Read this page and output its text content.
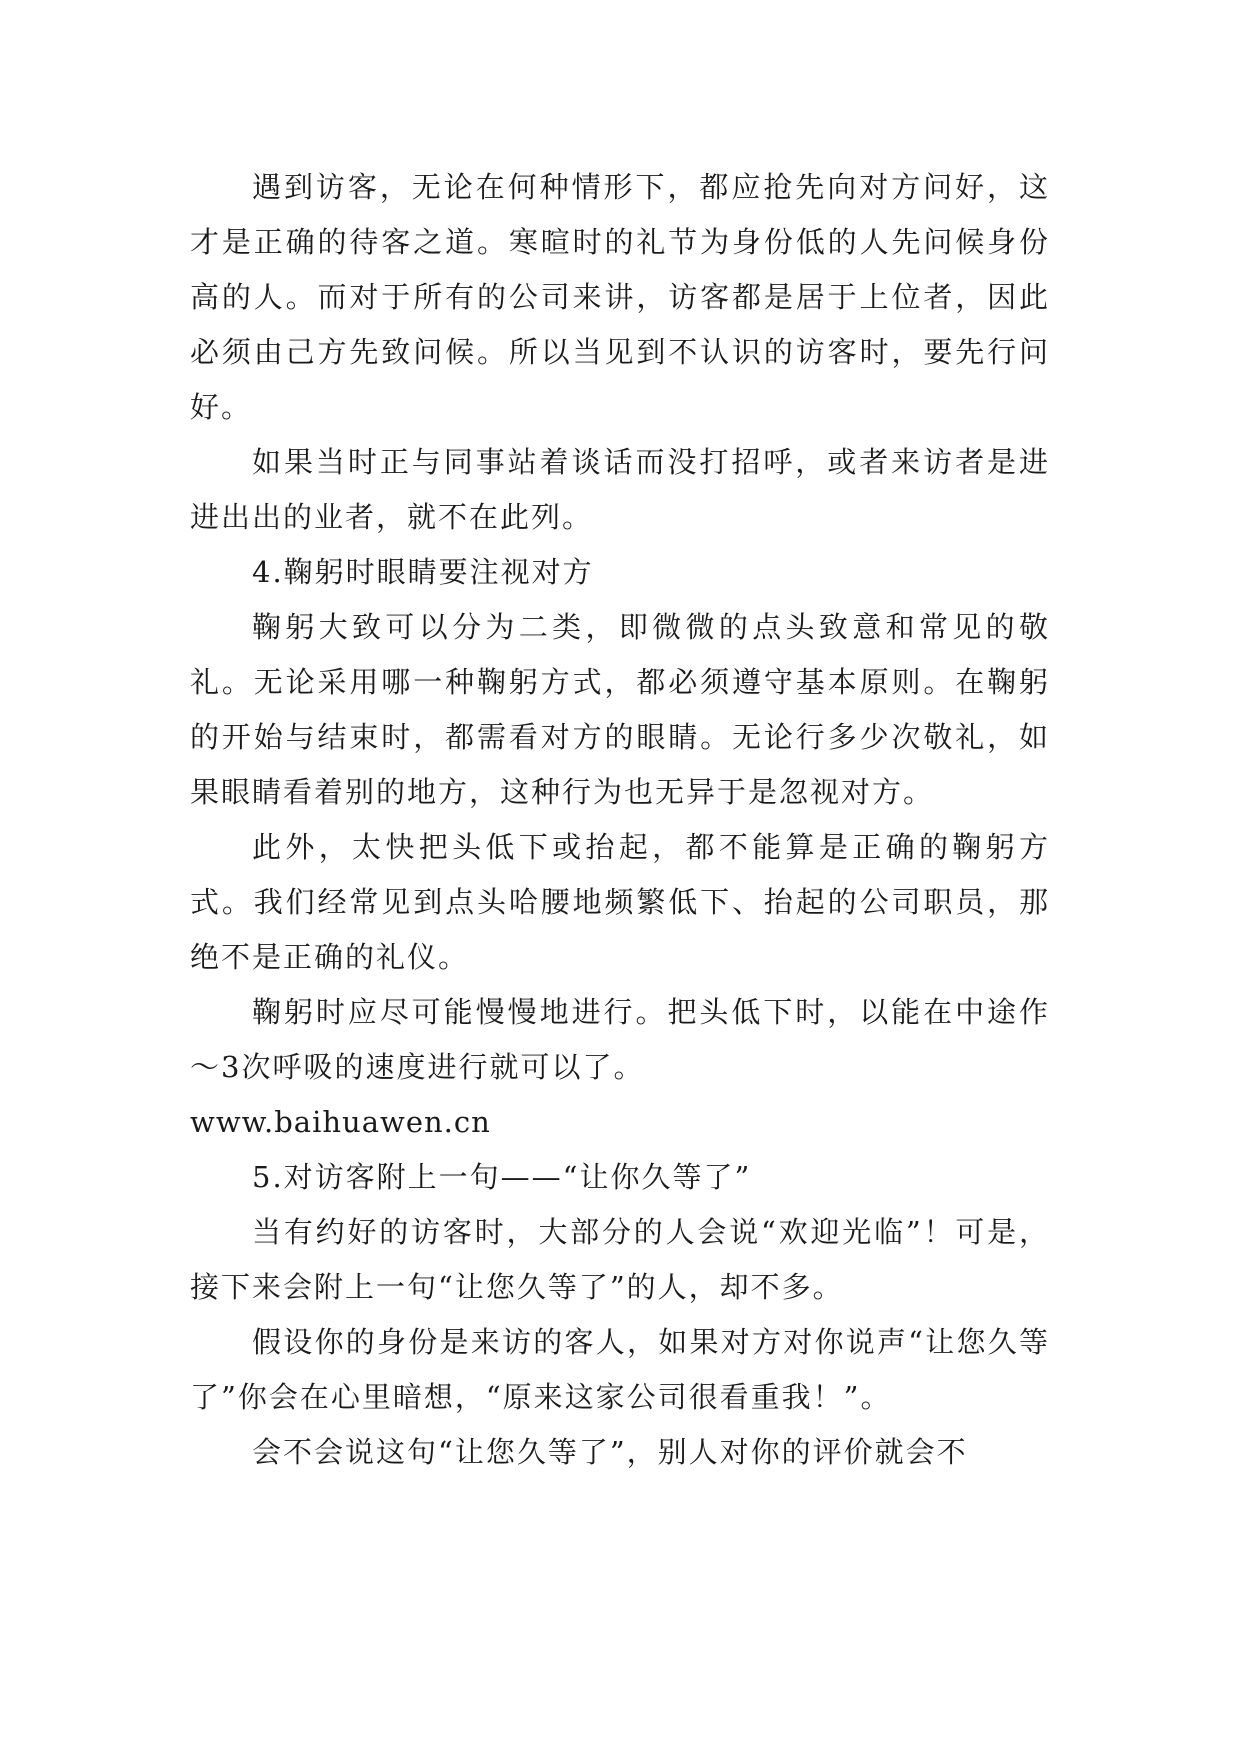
遇到访客，无论在何种情形下，都应抢先向对方问好，这才是正确的待客之道。寒暄时的礼节为身份低的人先问候身份高的人。而对于所有的公司来讲，访客都是居于上位者，因此必须由己方先致问候。所以当见到不认识的访客时，要先行问好。

如果当时正与同事站着谈话而没打招呼，或者来访者是进进出出的业者，就不在此列。

4.鞠躬时眼睛要注视对方

鞠躬大致可以分为二类，即微微的点头致意和常见的敬礼。无论采用哪一种鞠躬方式，都必须遵守基本原则。在鞠躬的开始与结束时，都需看对方的眼睛。无论行多少次敬礼，如果眼睛看着别的地方，这种行为也无异于是忽视对方。

此外，太快把头低下或抬起，都不能算是正确的鞠躬方式。我们经常见到点头哈腰地频繁低下、抬起的公司职员，那绝不是正确的礼仪。

鞠躬时应尽可能慢慢地进行。把头低下时，以能在中途作～3次呼吸的速度进行就可以了。

www.baihuawen.cn

5.对访客附上一句——“让你久等了”

当有约好的访客时，大部分的人会说“欢迎光临”！可是，接下来会附上一句“让您久等了”的人，却不多。

假设你的身份是来访的客人，如果对方对你说声“让您久等了”你会在心里暗想，“原来这家公司很看重我！”。

会不会说这句“让您久等了”，别人对你的评价就会不
